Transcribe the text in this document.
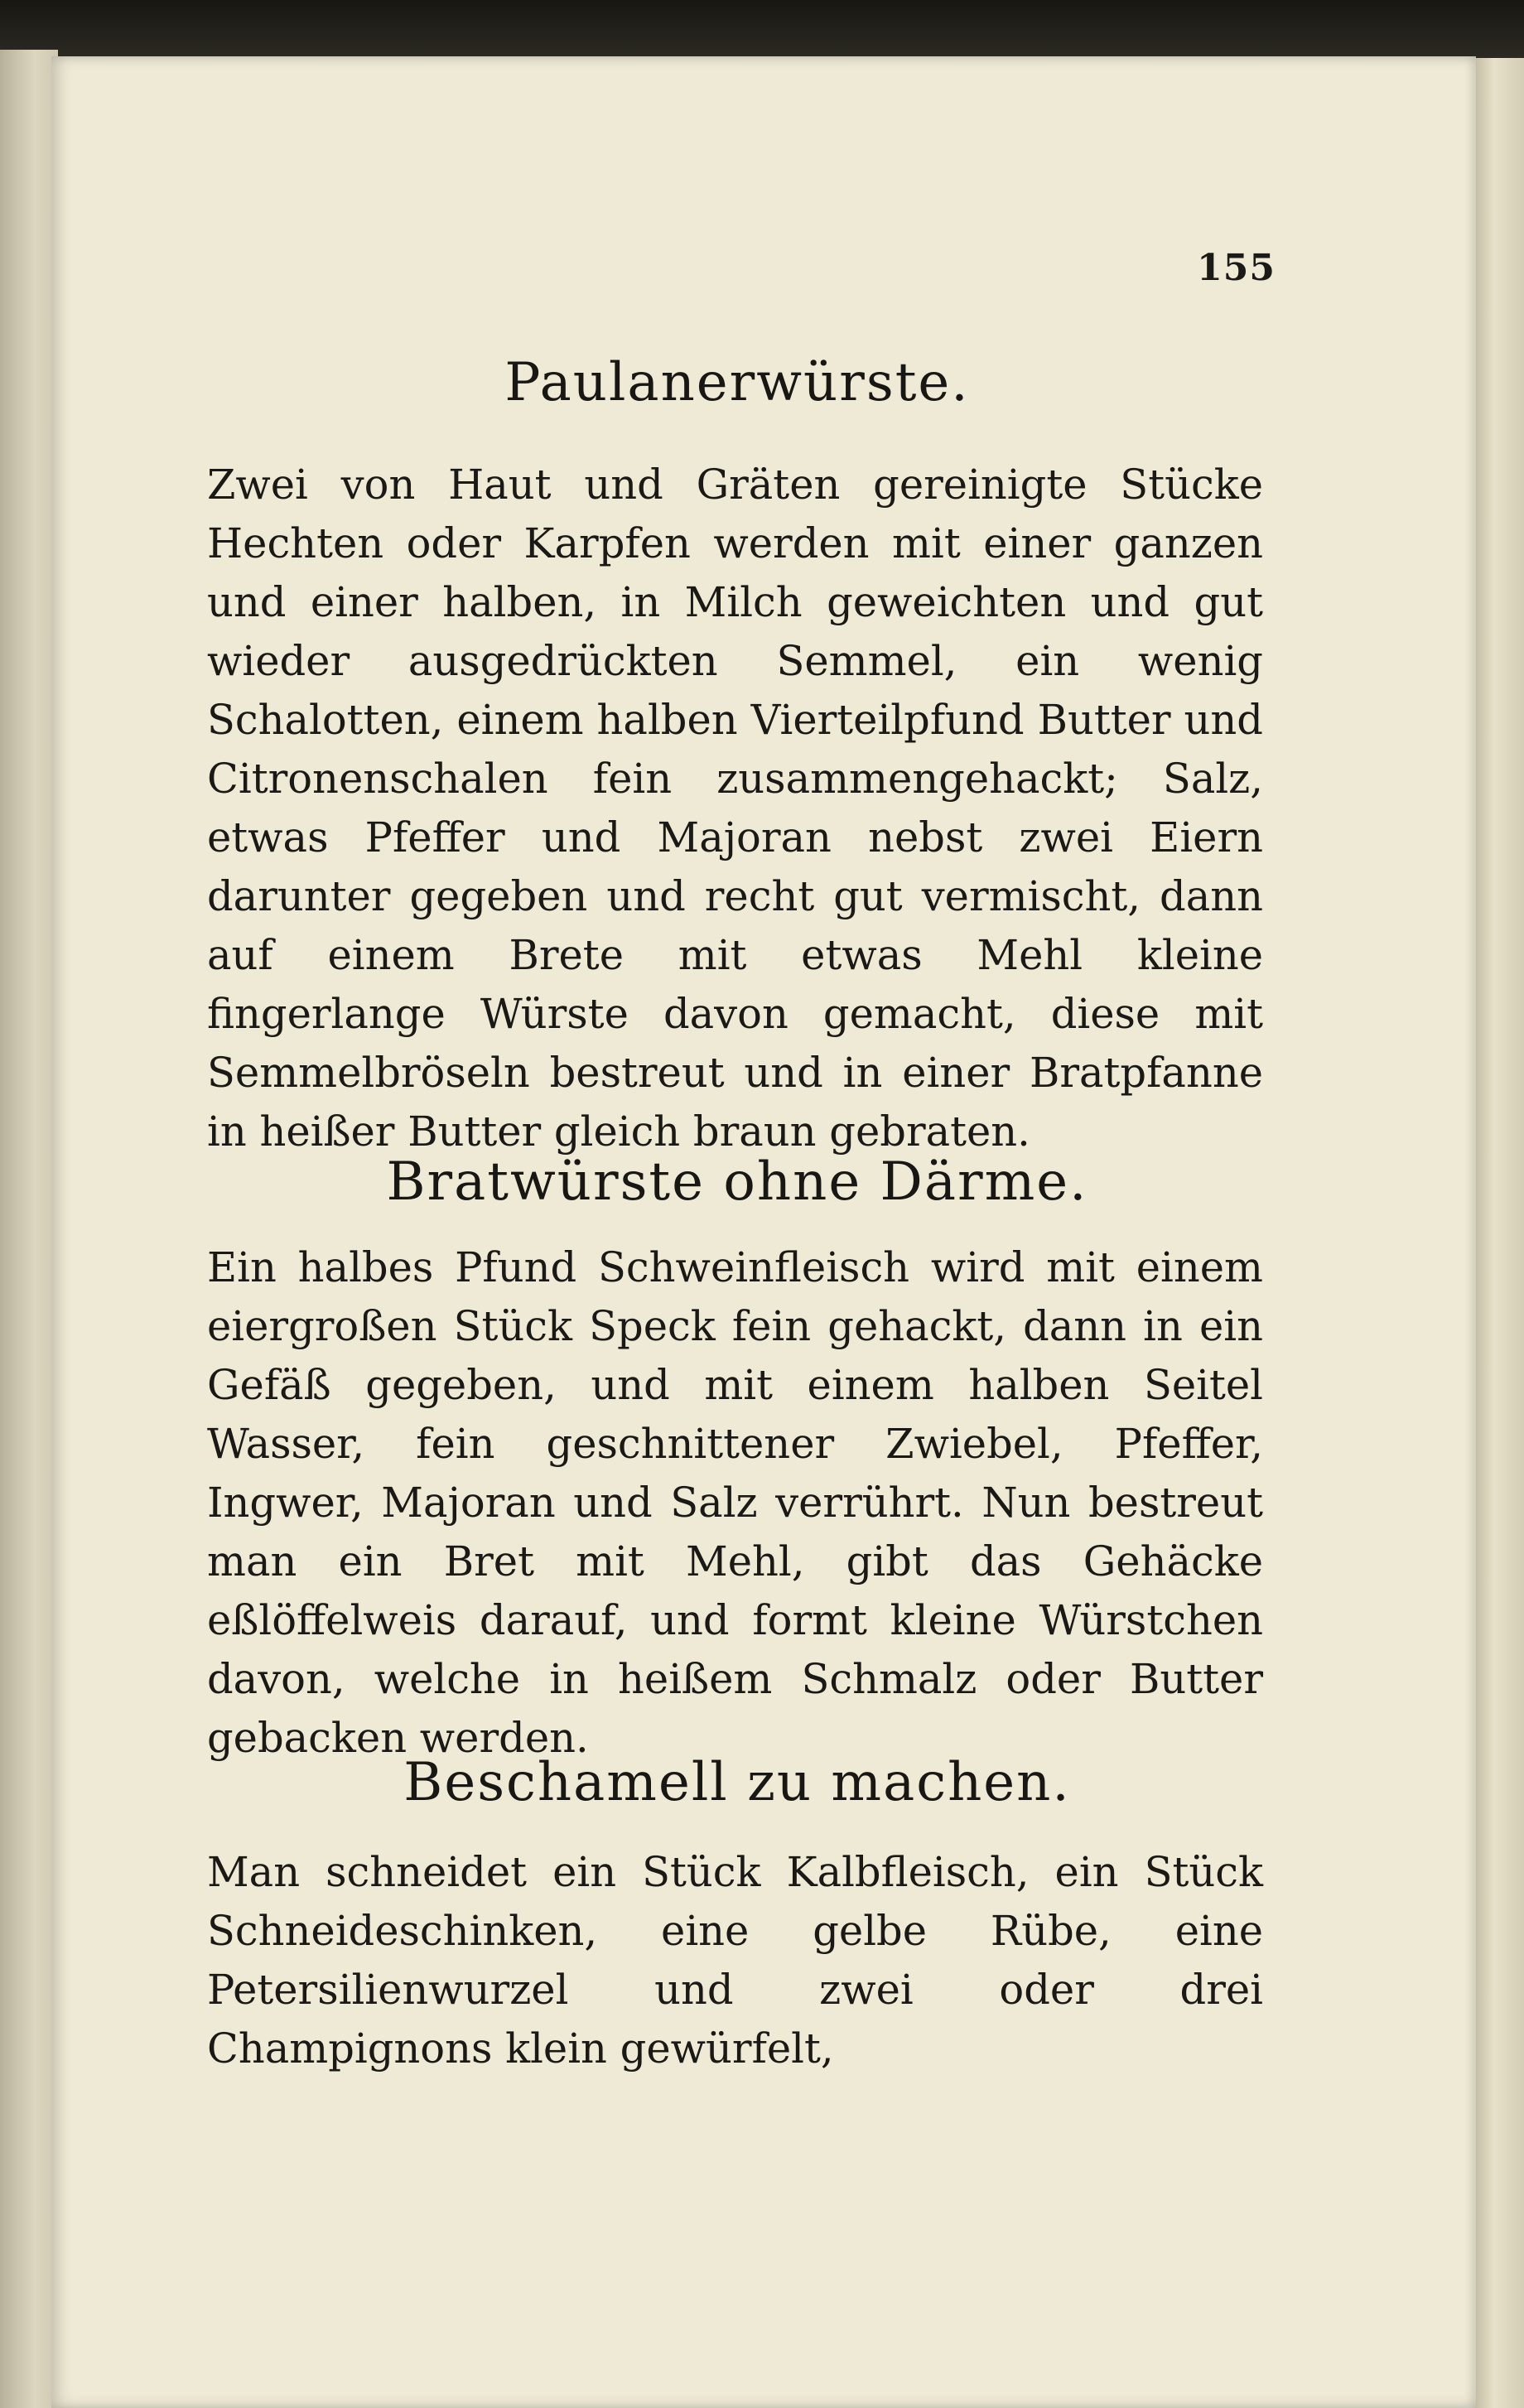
155
Paulanerwürste.
Zwei von Haut und Gräten gereinigte Stücke Hechten oder Karpfen werden mit einer ganzen und einer halben, in Milch geweichten und gut wieder ausgedrückten Semmel, ein wenig Schalotten, einem halben Vierteilpfund Butter und Citronenschalen fein zusammengehackt; Salz, etwas Pfeffer und Majoran nebst zwei Eiern darunter gegeben und recht gut vermischt, dann auf einem Brete mit etwas Mehl kleine fingerlange Würste davon gemacht, diese mit Semmelbröseln bestreut und in einer Bratpfanne in heißer Butter gleich braun gebraten.
Bratwürste ohne Därme.
Ein halbes Pfund Schweinfleisch wird mit einem eiergroßen Stück Speck fein gehackt, dann in ein Gefäß gegeben, und mit einem halben Seitel Wasser, fein geschnittener Zwiebel, Pfeffer, Ingwer, Majoran und Salz verrührt. Nun bestreut man ein Bret mit Mehl, gibt das Gehäcke eßlöffelweis darauf, und formt kleine Würstchen davon, welche in heißem Schmalz oder Butter gebacken werden.
Beschamell zu machen.
Man schneidet ein Stück Kalbfleisch, ein Stück Schneideschinken, eine gelbe Rübe, eine Petersilienwurzel und zwei oder drei Champignons klein gewürfelt,
